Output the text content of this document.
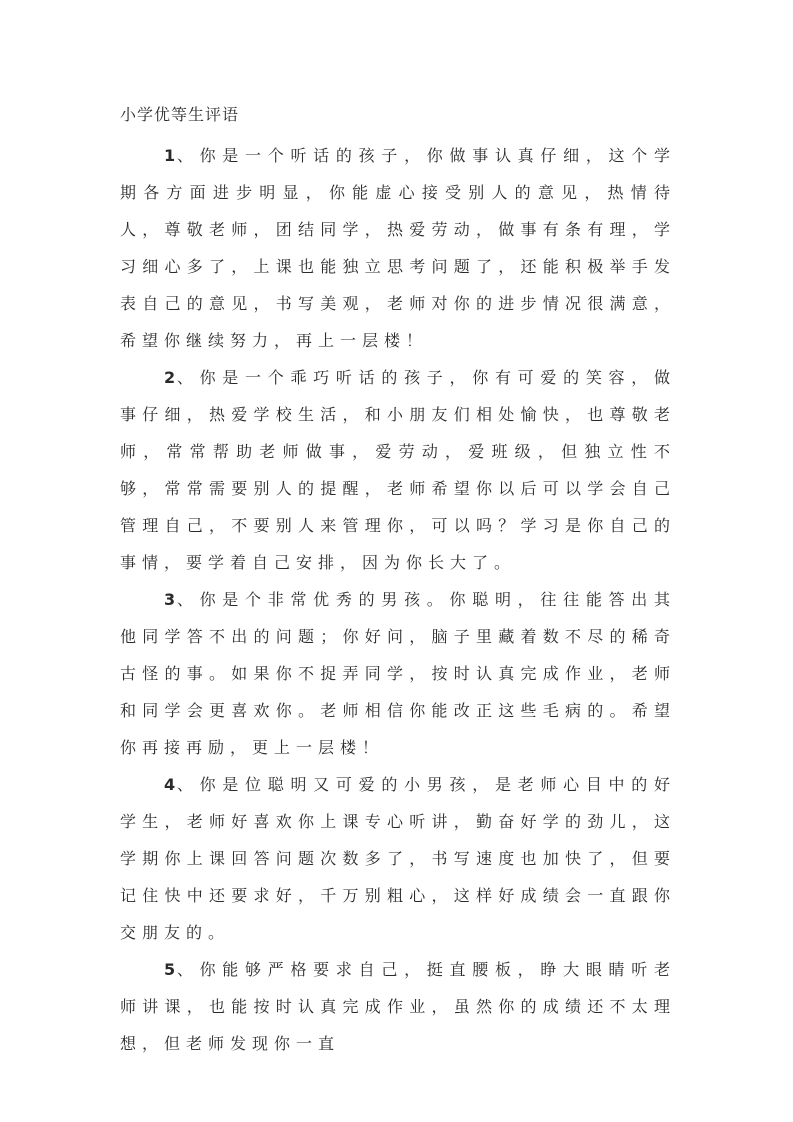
小学优等生评语

1、你是一个听话的孩子，你做事认真仔细，这个学期各方面进步明显，你能虚心接受别人的意见，热情待人，尊敬老师，团结同学，热爱劳动，做事有条有理，学习细心多了，上课也能独立思考问题了，还能积极举手发表自己的意见，书写美观，老师对你的进步情况很满意，希望你继续努力，再上一层楼！

2、你是一个乖巧听话的孩子，你有可爱的笑容，做事仔细，热爱学校生活，和小朋友们相处愉快，也尊敬老师，常常帮助老师做事，爱劳动，爱班级，但独立性不够，常常需要别人的提醒，老师希望你以后可以学会自己管理自己，不要别人来管理你，可以吗？学习是你自己的事情，要学着自己安排，因为你长大了。

3、你是个非常优秀的男孩。你聪明，往往能答出其他同学答不出的问题；你好问，脑子里藏着数不尽的稀奇古怪的事。如果你不捉弄同学，按时认真完成作业，老师和同学会更喜欢你。老师相信你能改正这些毛病的。希望你再接再励，更上一层楼！

4、你是位聪明又可爱的小男孩，是老师心目中的好学生，老师好喜欢你上课专心听讲，勤奋好学的劲儿，这学期你上课回答问题次数多了，书写速度也加快了，但要记住快中还要求好，千万别粗心，这样好成绩会一直跟你交朋友的。

5、你能够严格要求自己，挺直腰板，睁大眼睛听老师讲课，也能按时认真完成作业，虽然你的成绩还不太理想，但老师发现你一直
